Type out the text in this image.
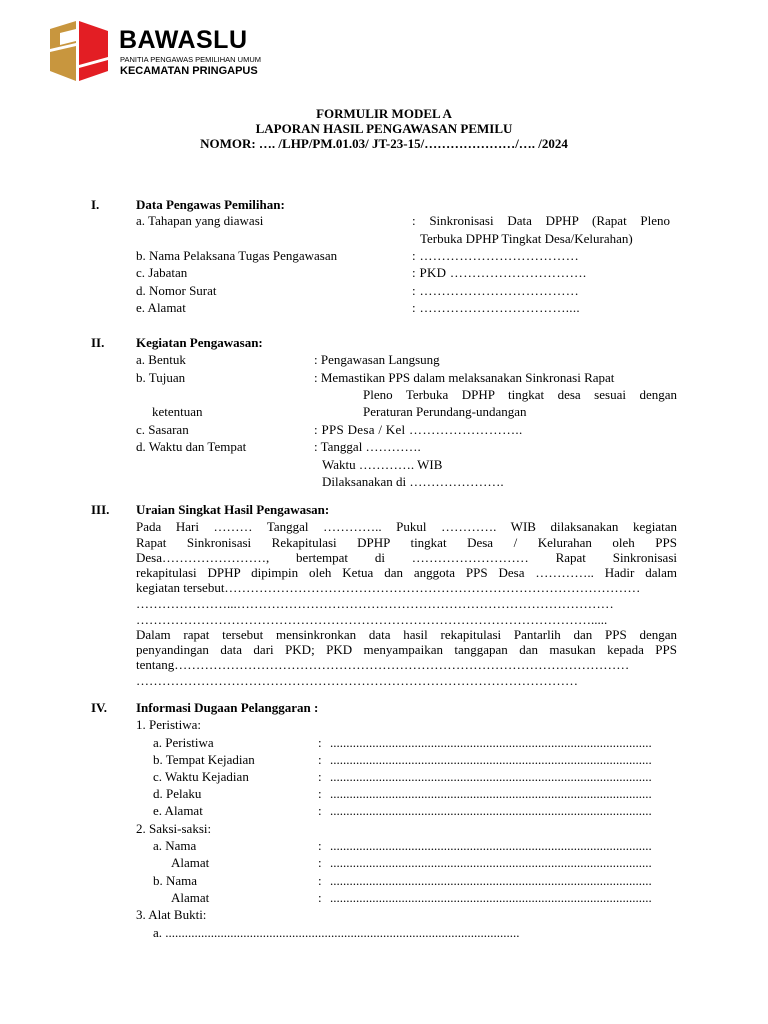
BAWASLU
PANITIA PENGAWAS PEMILIHAN UMUM
KECAMATAN PRINGAPUS
FORMULIR MODEL A
LAPORAN HASIL PENGAWASAN PEMILU
NOMOR: …. /LHP/PM.01.03/ JT-23-15/…………………/…. /2024
I.	Data Pengawas Pemilihan:
a. Tahapan yang diawasi	: Sinkronisasi Data DPHP (Rapat Pleno
Terbuka DPHP Tingkat Desa/Kelurahan)
b. Nama Pelaksana Tugas Pengawasan	: ………………………………
c. Jabatan	: PKD ………………………….
d. Nomor Surat	: ………………………………
e. Alamat	: ……………………………....
II. Kegiatan Pengawasan:
a. Bentuk	: Pengawasan Langsung
b. Tujuan	: Memastikan PPS dalam melaksanakan Sinkronasi Rapat
Pleno Terbuka DPHP tingkat desa sesuai dengan
ketentuan	Peraturan Perundang-undangan
c. Sasaran	: PPS Desa / Kel ……………………..
d. Waktu dan Tempat	: Tanggal ………….
Waktu …………. WIB
Dilaksanakan di ………………….
III. Uraian Singkat Hasil Pengawasan:
Pada Hari ……… Tanggal ………….. Pukul …………. WIB dilaksanakan kegiatan
Rapat Sinkronisasi Rekapitulasi DPHP tingkat Desa / Kelurahan oleh PPS
Desa……………………, bertempat di ……………………… Rapat Sinkronisasi
rekapitulasi DPHP dipimpin oleh Ketua dan anggota PPS Desa ………….. Hadir dalam
kegiatan tersebut……………………………………………………………………………………
…………………...……………………………………………………………………………
…………………………………………………………………………………………….....
Dalam rapat tersebut mensinkronkan data hasil rekapitulasi Pantarlih dan PPS dengan
penyandingan data dari PKD; PKD menyampaikan tanggapan dan masukan kepada PPS
tentang……………………………………………………………………………………………
…………………………………………………………………………………………
IV. Informasi Dugaan Pelanggaran :
1. Peristiwa:
a. Peristiwa	: ...................................................................................................
b. Tempat Kejadian	: ...................................................................................................
c. Waktu Kejadian	: ...................................................................................................
d. Pelaku	: ...................................................................................................
e. Alamat	: ...................................................................................................
2. Saksi-saksi:
a. Nama	: ...................................................................................................
Alamat	: ...................................................................................................
b. Nama	: ...................................................................................................
Alamat	: ...................................................................................................
3. Alat Bukti:
a. .............................................................................................................
